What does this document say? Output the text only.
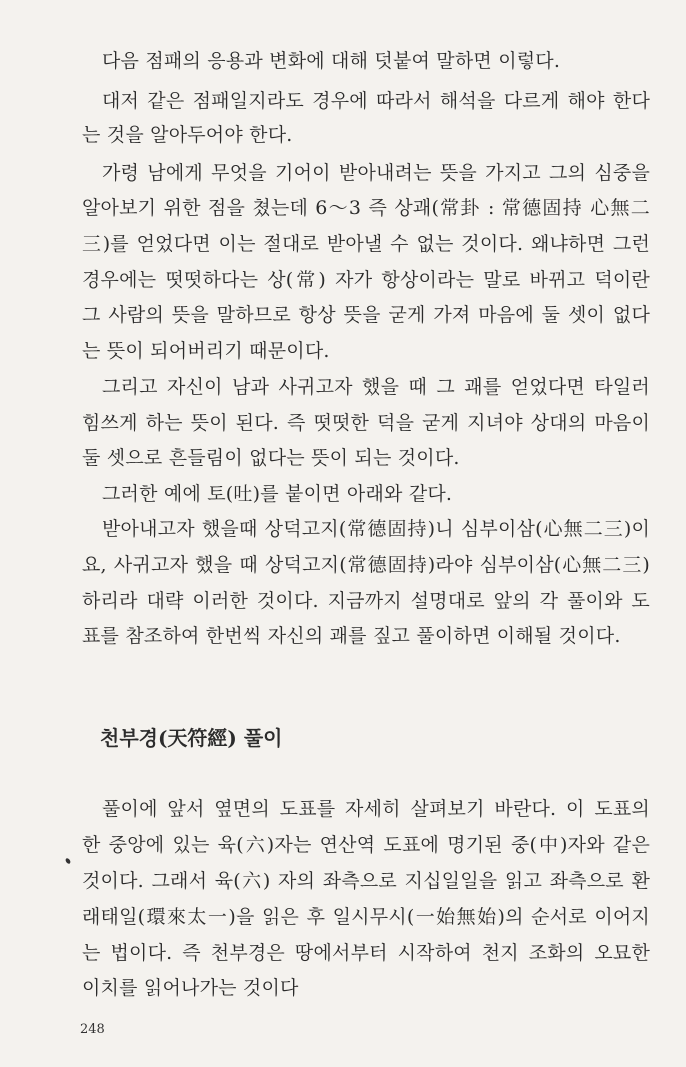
다음 점패의 응용과 변화에 대해 덧붙여 말하면 이렇다.
대저 같은 점패일지라도 경우에 따라서 해석을 다르게 해야 한다
는 것을 알아두어야 한다.
가령 남에게 무엇을 기어이 받아내려는 뜻을 가지고 그의 심중을
알아보기 위한 점을 쳤는데 6～3 즉 상괘(常卦 : 常德固持 心無二
三)를 얻었다면 이는 절대로 받아낼 수 없는 것이다. 왜냐하면 그런
경우에는 떳떳하다는 상(常) 자가 항상이라는 말로 바뀌고 덕이란
그 사람의 뜻을 말하므로 항상 뜻을 굳게 가져 마음에 둘 셋이 없다
는 뜻이 되어버리기 때문이다.
그리고 자신이 남과 사귀고자 했을 때 그 괘를 얻었다면 타일러
힘쓰게 하는 뜻이 된다. 즉 떳떳한 덕을 굳게 지녀야 상대의 마음이
둘 셋으로 흔들림이 없다는 뜻이 되는 것이다.
그러한 예에 토(吐)를 붙이면 아래와 같다.
받아내고자 했을때 상덕고지(常德固持)니 심부이삼(心無二三)이
요, 사귀고자 했을 때 상덕고지(常德固持)라야 심부이삼(心無二三)
하리라 대략 이러한 것이다. 지금까지 설명대로 앞의 각 풀이와 도
표를 참조하여 한번씩 자신의 괘를 짚고 풀이하면 이해될 것이다.
천부경(天符經) 풀이
풀이에 앞서 옆면의 도표를 자세히 살펴보기 바란다. 이 도표의
한 중앙에 있는 육(六)자는 연산역 도표에 명기된 중(中)자와 같은
것이다. 그래서 육(六) 자의 좌측으로 지십일일을 읽고 좌측으로 환
래태일(環來太一)을 읽은 후 일시무시(一始無始)의 순서로 이어지
는 법이다. 즉 천부경은 땅에서부터 시작하여 천지 조화의 오묘한
이치를 읽어나가는 것이다
248
